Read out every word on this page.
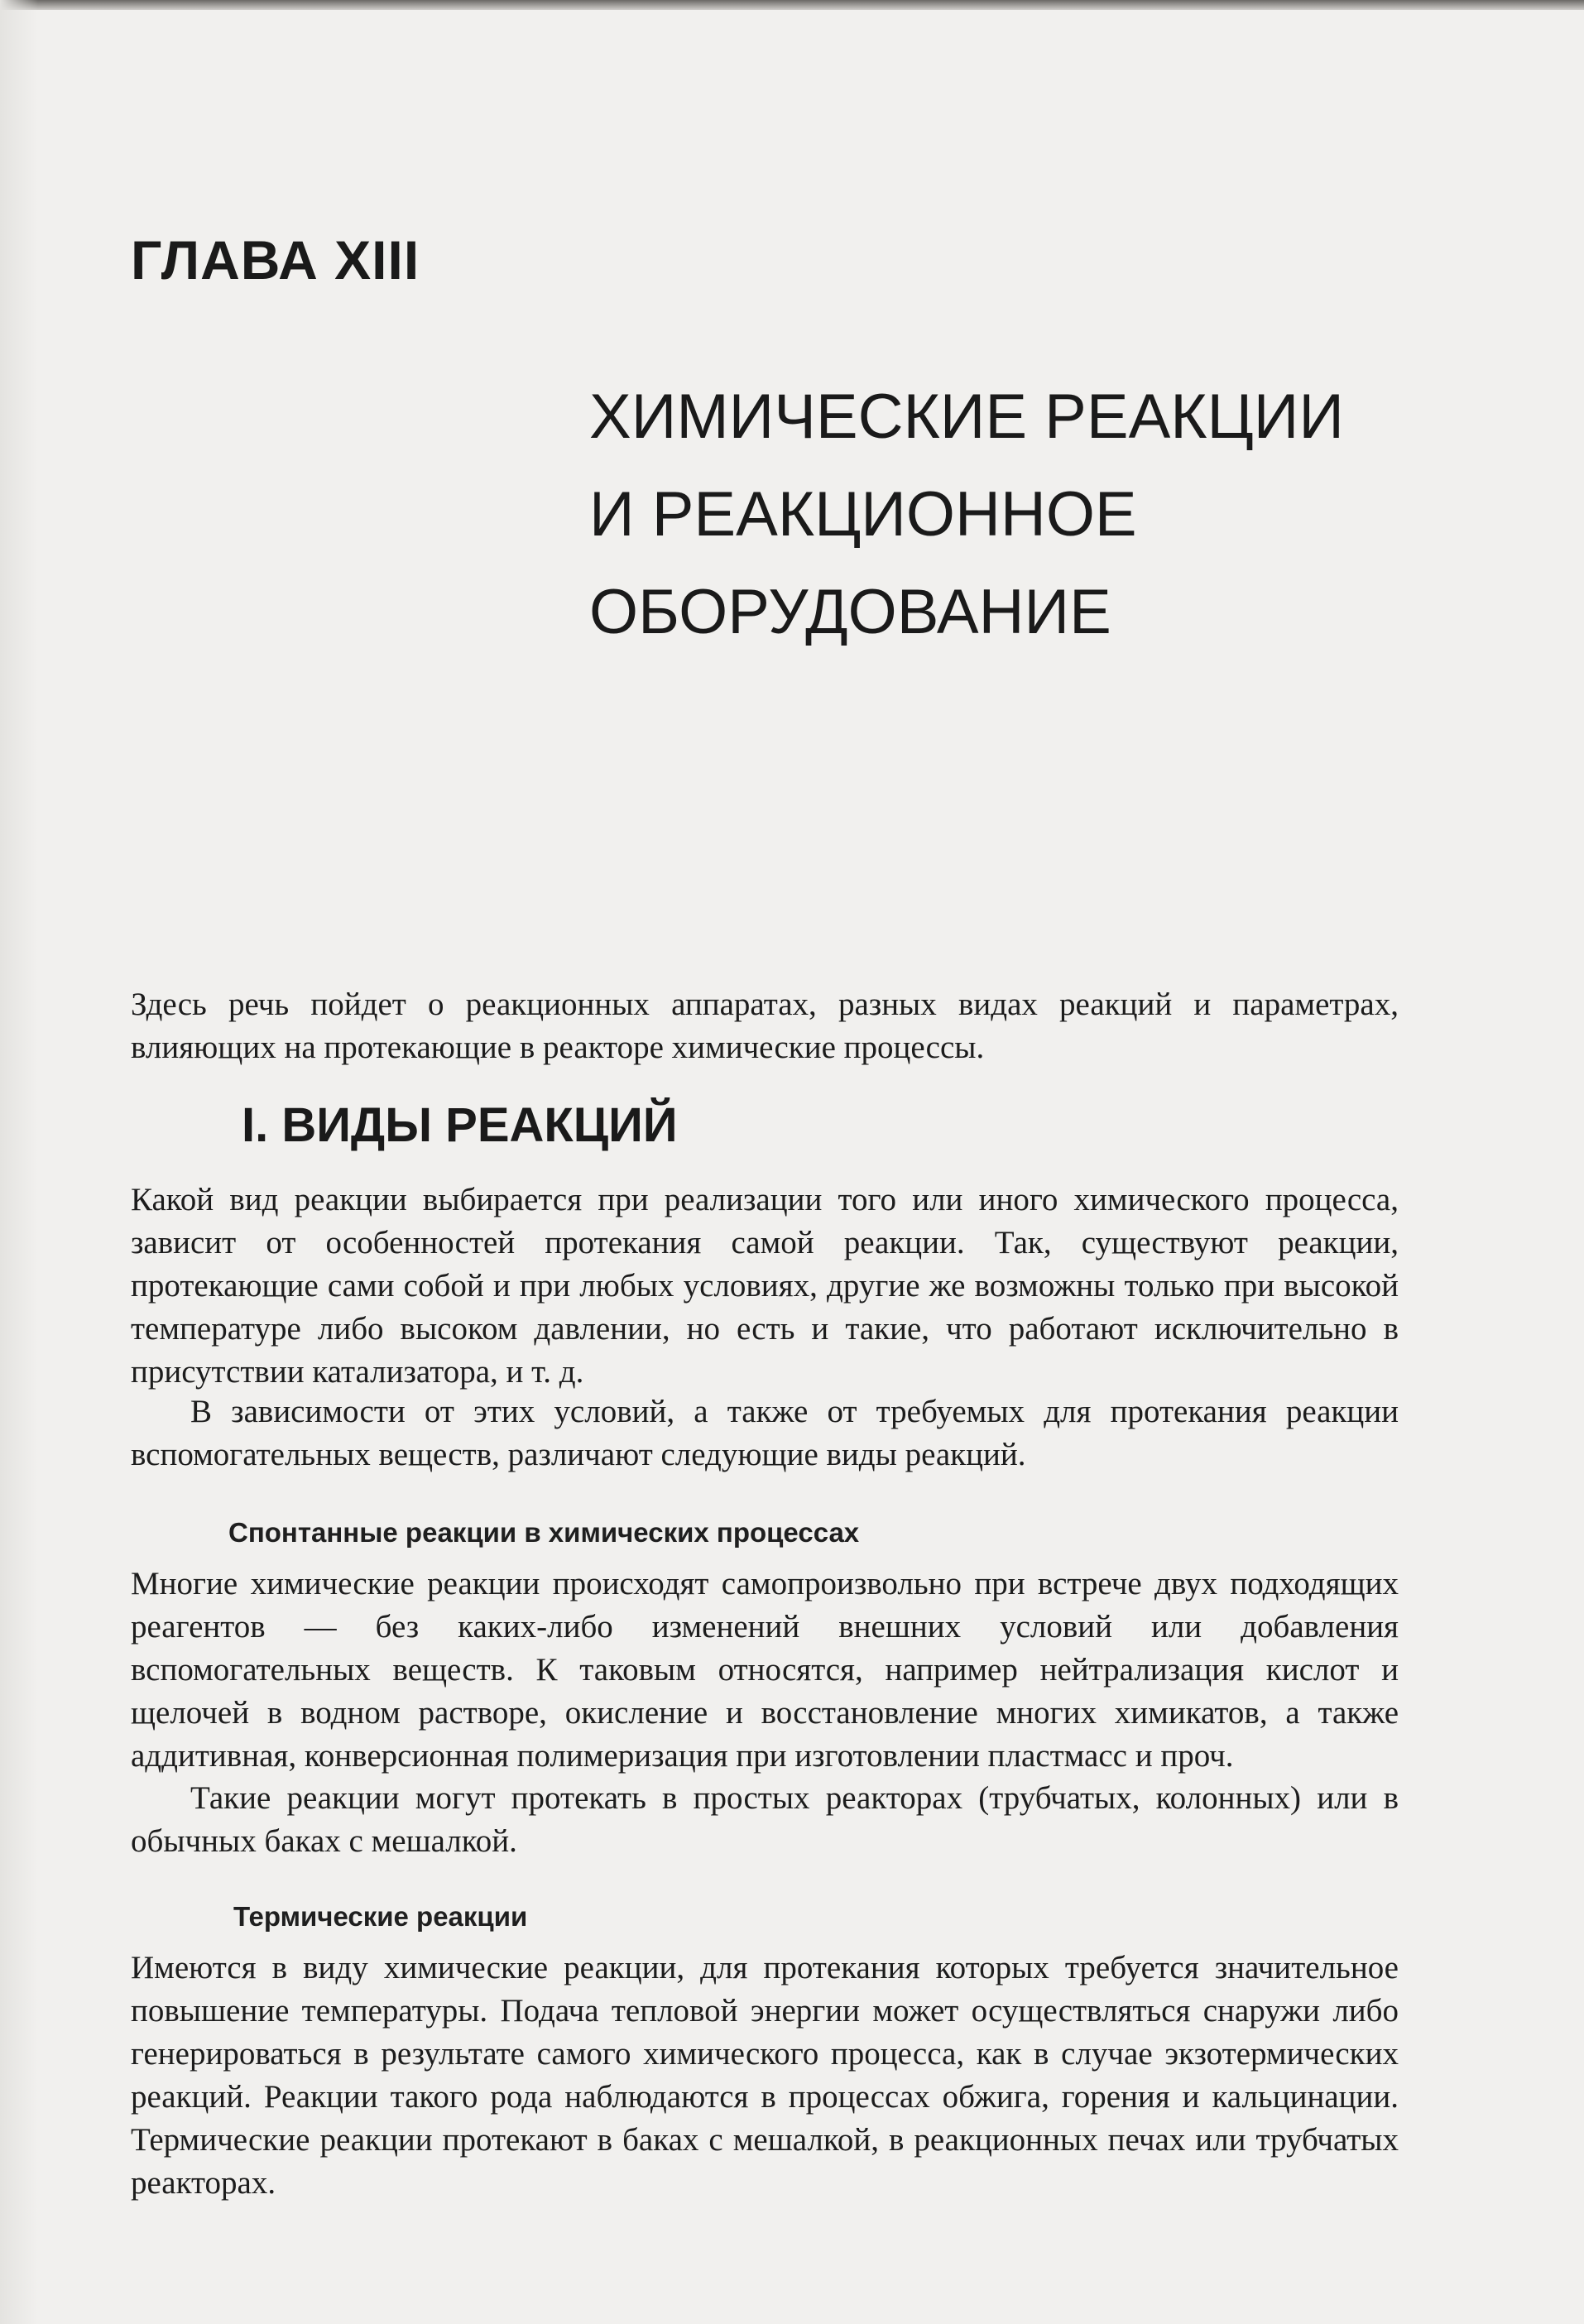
ГЛАВА XIII
ХИМИЧЕСКИЕ РЕАКЦИИ
И РЕАКЦИОННОЕ
ОБОРУДОВАНИЕ

Здесь речь пойдет о реакционных аппаратах, разных видах реакций и параметрах, влияющих на протекающие в реакторе химические процессы.

I. ВИДЫ РЕАКЦИЙ

Какой вид реакции выбирается при реализации того или иного химического процесса, зависит от особенностей протекания самой реакции. Так, существуют реакции, протекающие сами собой и при любых условиях, другие же возможны только при высокой температуре либо высоком давлении, но есть и такие, что работают исключительно в присутствии катализатора, и т. д.

В зависимости от этих условий, а также от требуемых для протекания реакции вспомогательных веществ, различают следующие виды реакций.

Спонтанные реакции в химических процессах

Многие химические реакции происходят самопроизвольно при встрече двух подходящих реагентов — без каких-либо изменений внешних условий или добавления вспомогательных веществ. К таковым относятся, например нейтрализация кислот и щелочей в водном растворе, окисление и восстановление многих химикатов, а также аддитивная, конверсионная полимеризация при изготовлении пластмасс и проч.

Такие реакции могут протекать в простых реакторах (трубчатых, колонных) или в обычных баках с мешалкой.

Термические реакции

Имеются в виду химические реакции, для протекания которых требуется значительное повышение температуры. Подача тепловой энергии может осуществляться снаружи либо генерироваться в результате самого химического процесса, как в случае экзотермических реакций. Реакции такого рода наблюдаются в процессах обжига, горения и кальцинации. Термические реакции протекают в баках с мешалкой, в реакционных печах или трубчатых реакторах.
